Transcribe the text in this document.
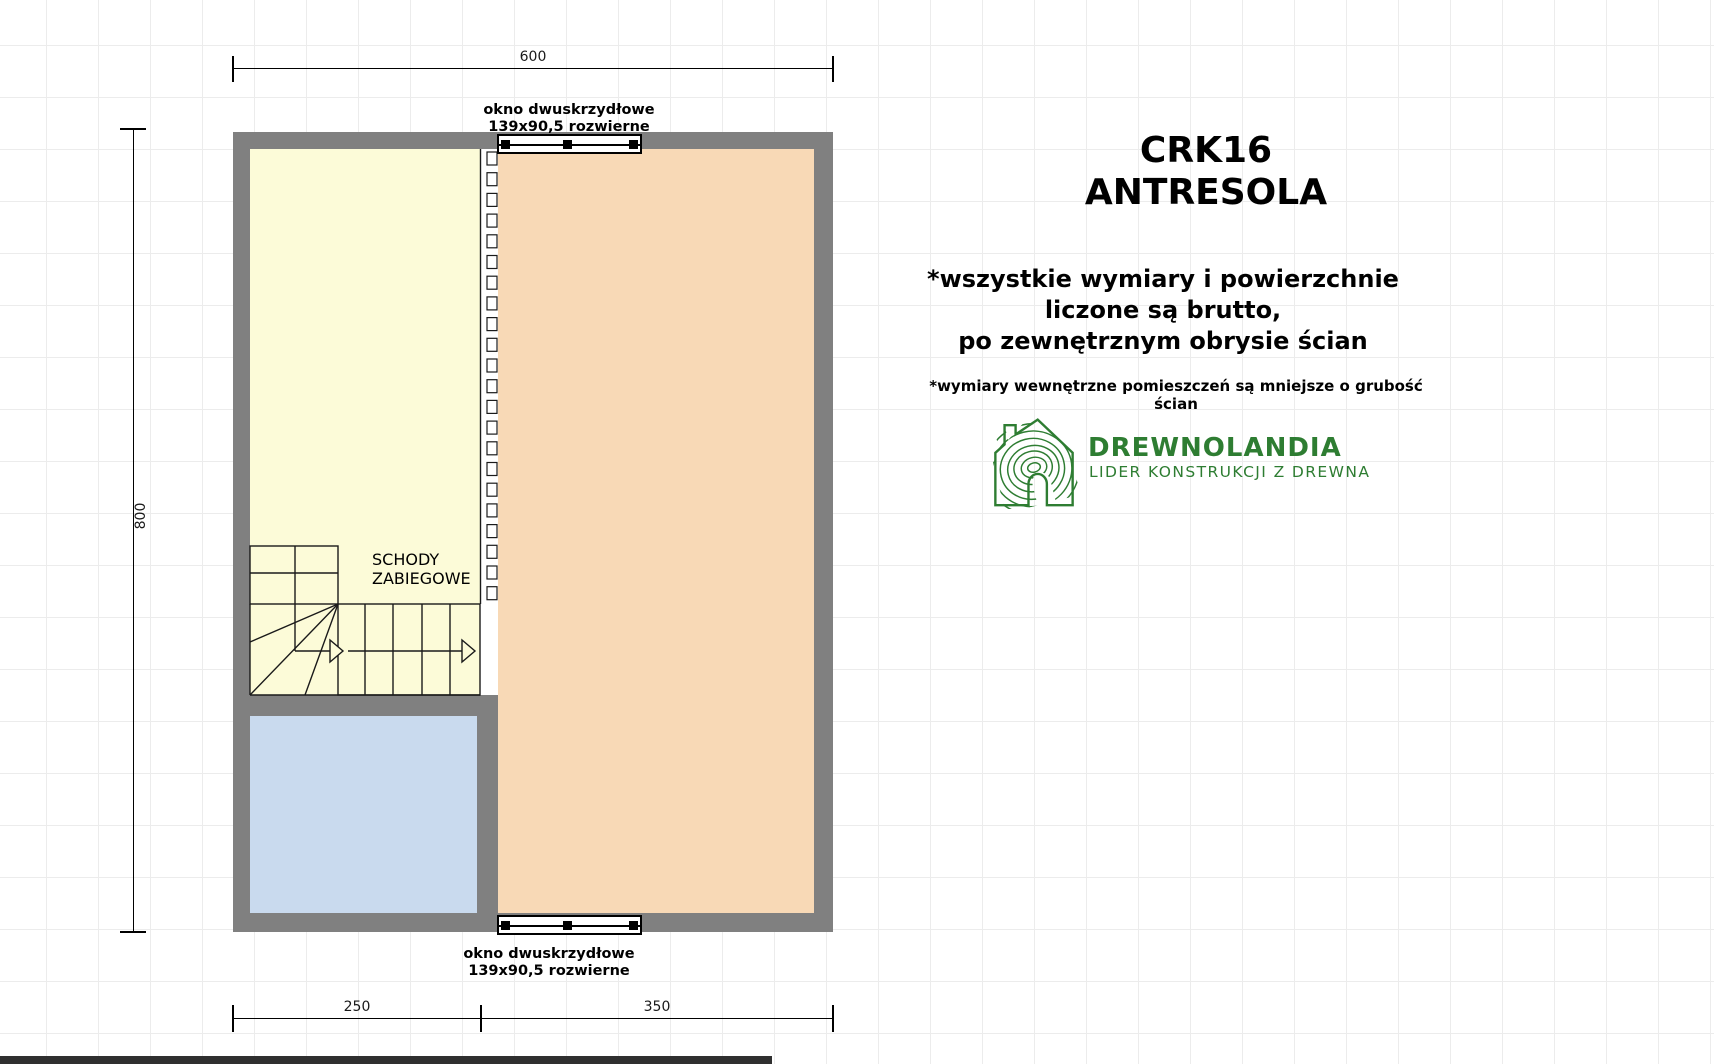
okno dwuskrzydłowe
139x90,5 rozwierne
okno dwuskrzydłowe
139x90,5 rozwierne
SCHODY
ZABIEGOWE
600
800
250	350
CRK16
ANTRESOLA
*wszystkie wymiary i powierzchnie
liczone są brutto,
po zewnętrznym obrysie ścian
*wymiary wewnętrzne pomieszczeń są mniejsze o grubość ścian
DREWNOLANDIA
LIDER KONSTRUKCJI Z DREWNA
